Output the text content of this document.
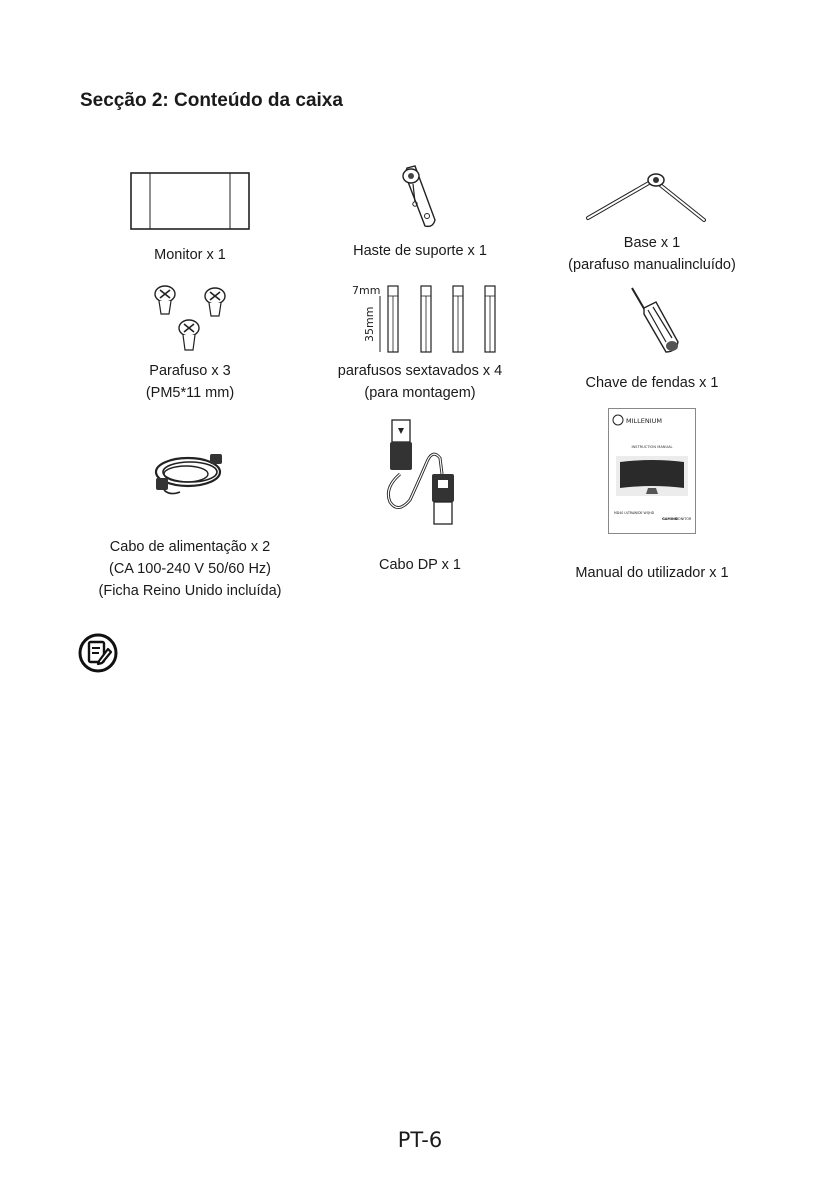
Secção 2: Conteúdo da caixa
Monitor x 1	Haste de suporte x 1	Base x 1
(parafuso manualincluído)
Parafuso x 3
(PM5*11 mm)
7mm
35mm
parafusos sextavados x 4
(para montagem)
Chave de fendas x 1
Cabo de alimentação x 2
(CA 100-240 V 50/60 Hz)
(Ficha Reino Unido incluída)
Cabo DP x 1
MILLENIUM
INSTRUCTION MANUAL
MD40 ULTRAWIDE WQHD
GAMING
MONITOR
Manual do utilizador x 1
PT-6
